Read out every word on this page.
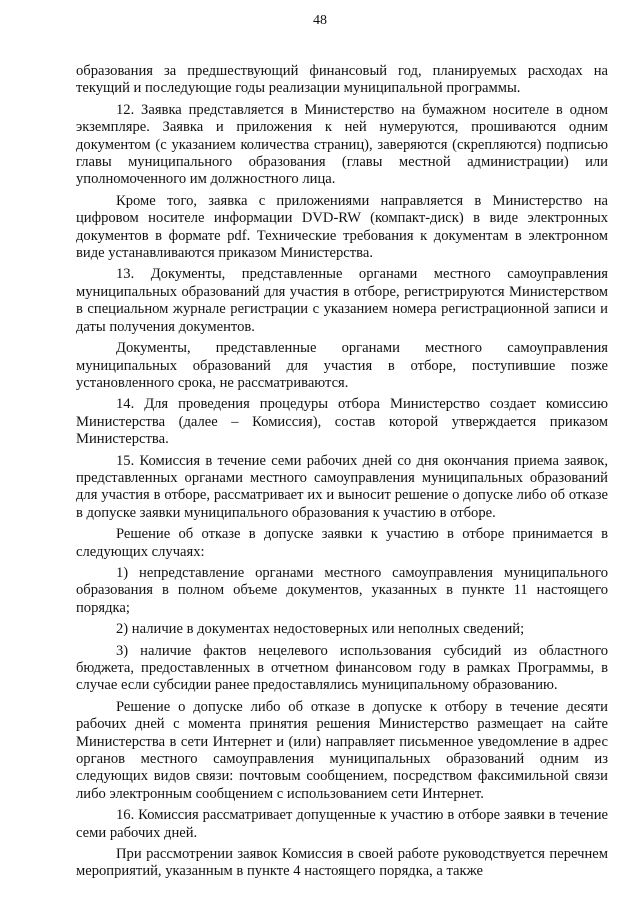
48

образования за предшествующий финансовый год, планируемых расходах на текущий и последующие годы реализации муниципальной программы.

12. Заявка представляется в Министерство на бумажном носителе в одном экземпляре. Заявка и приложения к ней нумеруются, прошиваются одним документом (с указанием количества страниц), заверяются (скрепляются) подписью главы муниципального образования (главы местной администрации) или уполномоченного им должностного лица.

Кроме того, заявка с приложениями направляется в Министерство на цифровом носителе информации DVD-RW (компакт-диск) в виде электронных документов в формате pdf. Технические требования к документам в электронном виде устанавливаются приказом Министерства.

13. Документы, представленные органами местного самоуправления муниципальных образований для участия в отборе, регистрируются Министерством в специальном журнале регистрации с указанием номера регистрационной записи и даты получения документов.

Документы, представленные органами местного самоуправления муниципальных образований для участия в отборе, поступившие позже установленного срока, не рассматриваются.

14. Для проведения процедуры отбора Министерство создает комиссию Министерства (далее – Комиссия), состав которой утверждается приказом Министерства.

15. Комиссия в течение семи рабочих дней со дня окончания приема заявок, представленных органами местного самоуправления муниципальных образований для участия в отборе, рассматривает их и выносит решение о допуске либо об отказе в допуске заявки муниципального образования к участию в отборе.

Решение об отказе в допуске заявки к участию в отборе принимается в следующих случаях:

1) непредставление органами местного самоуправления муниципального образования в полном объеме документов, указанных в пункте 11 настоящего порядка;

2) наличие в документах недостоверных или неполных сведений;

3) наличие фактов нецелевого использования субсидий из областного бюджета, предоставленных в отчетном финансовом году в рамках Программы, в случае если субсидии ранее предоставлялись муниципальному образованию.

Решение о допуске либо об отказе в допуске к отбору в течение десяти рабочих дней с момента принятия решения Министерство размещает на сайте Министерства в сети Интернет и (или) направляет письменное уведомление в адрес органов местного самоуправления муниципальных образований одним из следующих видов связи: почтовым сообщением, посредством факсимильной связи либо электронным сообщением с использованием сети Интернет.

16. Комиссия рассматривает допущенные к участию в отборе заявки в течение семи рабочих дней.

При рассмотрении заявок Комиссия в своей работе руководствуется перечнем мероприятий, указанным в пункте 4 настоящего порядка, а также
